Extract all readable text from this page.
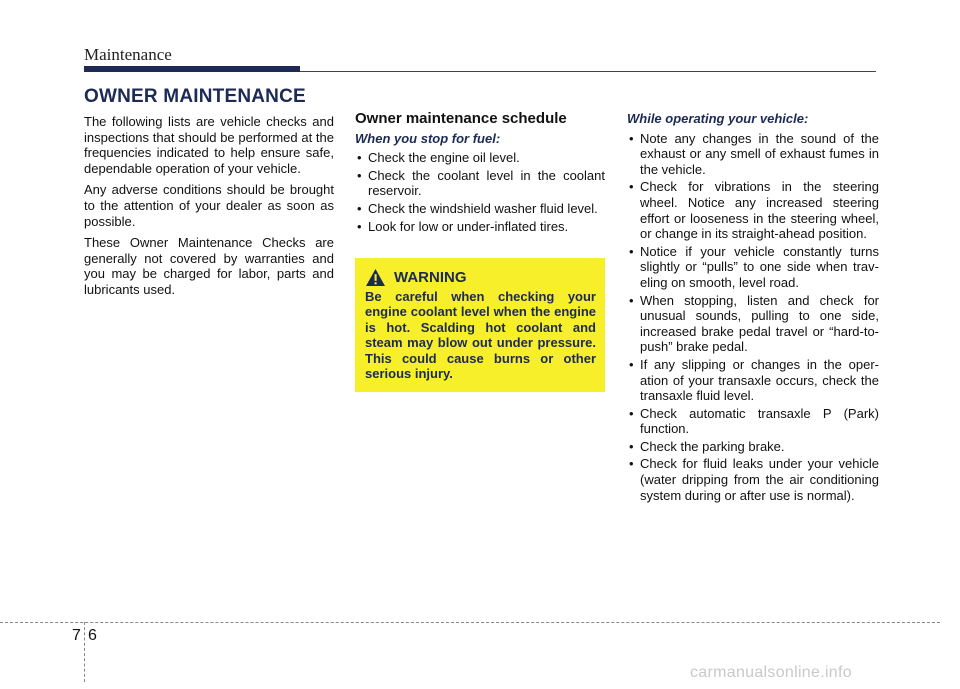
Maintenance
OWNER MAINTENANCE

The following lists are vehicle checks and inspections that should be performed at the frequencies indicated to help ensure safe, dependable operation of your vehicle.

Any adverse conditions should be brought to the attention of your dealer as soon as possible.

These Owner Maintenance Checks are generally not covered by warranties and you may be charged for labor, parts and lubricants used.

Owner maintenance schedule
When you stop for fuel:
• Check the engine oil level.
• Check the coolant level in the coolant reservoir.
• Check the windshield washer fluid level.
• Look for low or under-inflated tires.
WARNING
Be careful when checking your engine coolant level when the engine is hot. Scalding hot coolant and steam may blow out under pressure. This could cause burns or other serious injury.
While operating your vehicle:
• Note any changes in the sound of the exhaust or any smell of exhaust fumes in the vehicle.
• Check for vibrations in the steering wheel. Notice any increased steering effort or looseness in the steering wheel, or change in its straight-ahead position.
• Notice if your vehicle constantly turns slightly or “pulls” to one side when traveling on smooth, level road.
• When stopping, listen and check for unusual sounds, pulling to one side, increased brake pedal travel or “hard-to-push” brake pedal.
• If any slipping or changes in the operation of your transaxle occurs, check the transaxle fluid level.
• Check automatic transaxle P (Park) function.
• Check the parking brake.
• Check for fluid leaks under your vehicle (water dripping from the air conditioning system during or after use is normal).
7 6
carmanualsonline.info
